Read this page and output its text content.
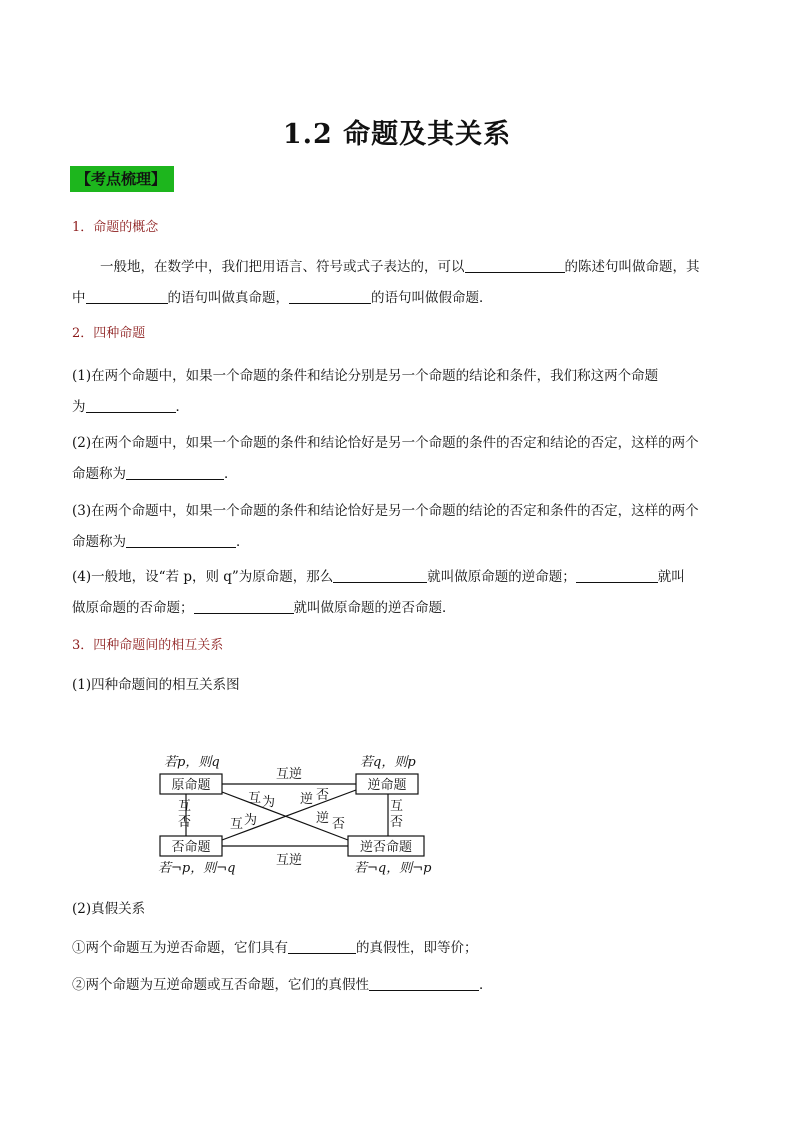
1.2 命题及其关系
【考点梳理】
1．命题的概念

一般地，在数学中，我们把用语言、符号或式子表达的，可以	的陈述句叫做命题，其

中	的语句叫做真命题，	的语句叫做假命题．

2．四种命题

(1)在两个命题中，如果一个命题的条件和结论分别是另一个命题的结论和条件，我们称这两个命题

为	．

(2)在两个命题中，如果一个命题的条件和结论恰好是另一个命题的条件的否定和结论的否定，这样的两个

命题称为	．

(3)在两个命题中，如果一个命题的条件和结论恰好是另一个命题的结论的否定和条件的否定，这样的两个

命题称为	．

(4)一般地，设“若 p，则 q”为原命题，那么	就叫做原命题的逆命题；	就叫

做原命题的否命题；	就叫做原命题的逆否命题．

3．四种命题间的相互关系

(1)四种命题间的相互关系图

原命题	逆命题
否命题	逆否命题
若p，则q	若q，则p
若¬p，则¬q	若¬q，则¬p
互逆
互逆
互
否
互
否
互 为 逆 否
互 为	逆 否

(2)真假关系

①两个命题互为逆否命题，它们具有	的真假性，即等价；

②两个命题为互逆命题或互否命题，它们的真假性	．
